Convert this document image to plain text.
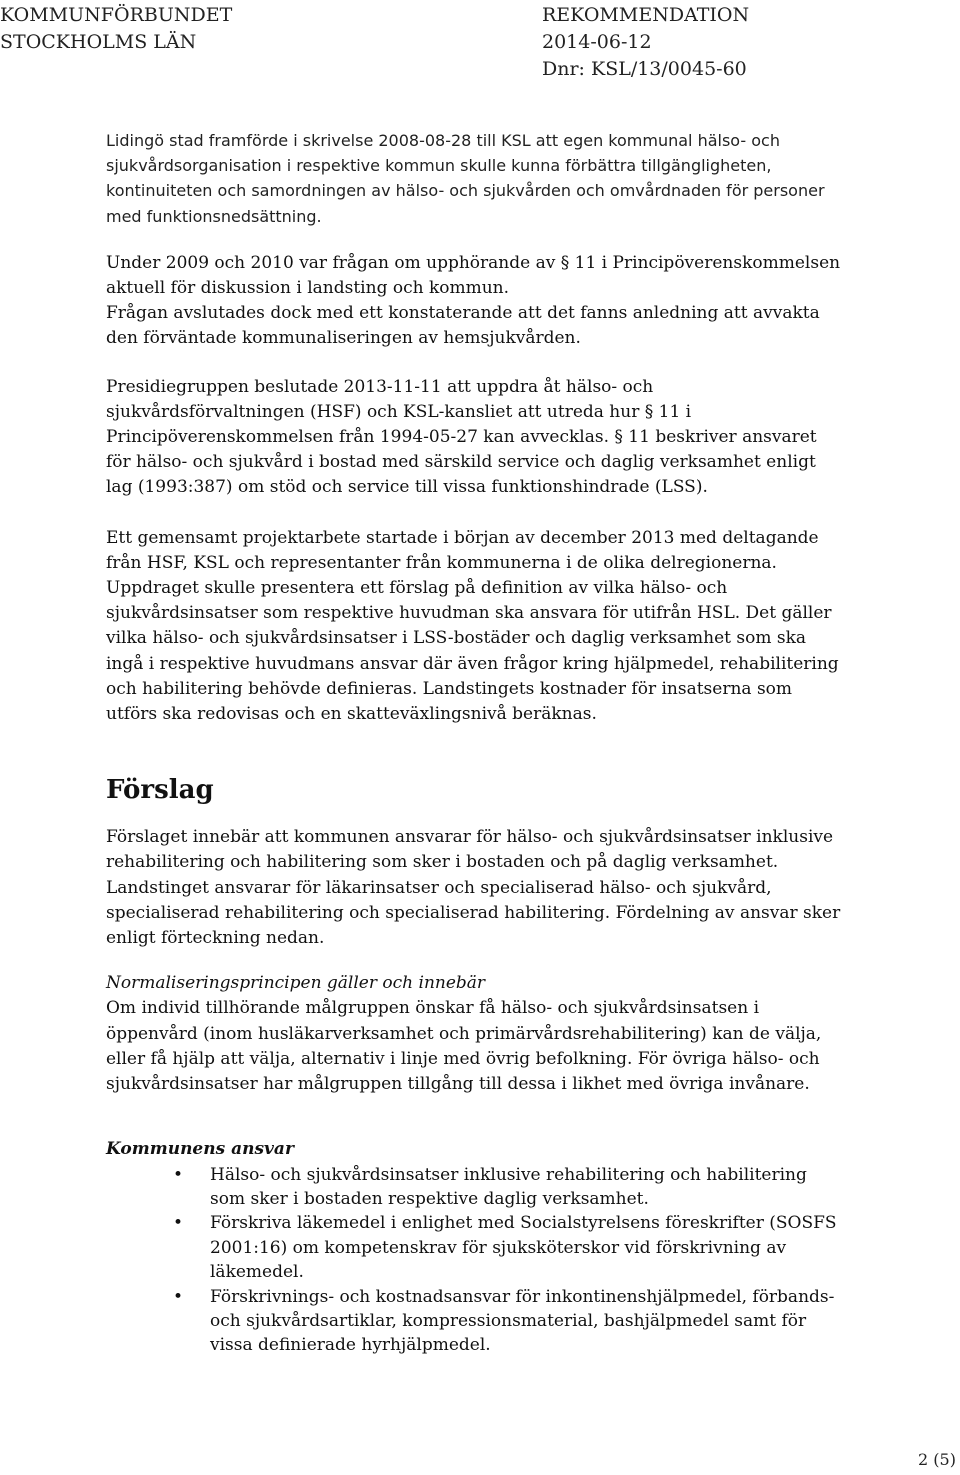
KOMMUNFÖRBUNDET
STOCKHOLMS LÄN
REKOMMENDATION
2014-06-12
Dnr: KSL/13/0045-60

Lidingö stad framförde i skrivelse 2008-08-28 till KSL att egen kommunal hälso- och sjukvårdsorganisation i respektive kommun skulle kunna förbättra tillgängligheten, kontinuiteten och samordningen av hälso- och sjukvården och omvårdnaden för personer med funktionsnedsättning.

Under 2009 och 2010 var frågan om upphörande av § 11 i Principöverenskommelsen aktuell för diskussion i landsting och kommun.

Frågan avslutades dock med ett konstaterande att det fanns anledning att avvakta den förväntade kommunaliseringen av hemsjukvården.

Presidiegruppen beslutade 2013-11-11 att uppdra åt hälso- och sjukvårdsförvaltningen (HSF) och KSL-kansliet att utreda hur § 11 i Principöverenskommelsen från 1994-05-27 kan avvecklas. § 11 beskriver ansvaret för hälso- och sjukvård i bostad med särskild service och daglig verksamhet enligt lag (1993:387) om stöd och service till vissa funktionshindrade (LSS).

Ett gemensamt projektarbete startade i början av december 2013 med deltagande från HSF, KSL och representanter från kommunerna i de olika delregionerna. Uppdraget skulle presentera ett förslag på definition av vilka hälso- och sjukvårdsinsatser som respektive huvudman ska ansvara för utifrån HSL. Det gäller vilka hälso- och sjukvårdsinsatser i LSS-bostäder och daglig verksamhet som ska ingå i respektive huvudmans ansvar där även frågor kring hjälpmedel, rehabilitering och habilitering behövde definieras. Landstingets kostnader för insatserna som utförs ska redovisas och en skatteväxlingsnivå beräknas.

Förslag

Förslaget innebär att kommunen ansvarar för hälso- och sjukvårdsinsatser inklusive rehabilitering och habilitering som sker i bostaden och på daglig verksamhet. Landstinget ansvarar för läkarinsatser och specialiserad hälso- och sjukvård, specialiserad rehabilitering och specialiserad habilitering. Fördelning av ansvar sker enligt förteckning nedan.

Normaliseringsprincipen gäller och innebär

Om individ tillhörande målgruppen önskar få hälso- och sjukvårdsinsatsen i öppenvård (inom husläkarverksamhet och primärvårdsrehabilitering) kan de välja, eller få hjälp att välja, alternativ i linje med övrig befolkning. För övriga hälso- och sjukvårdsinsatser har målgruppen tillgång till dessa i likhet med övriga invånare.

Kommunens ansvar

• Hälso- och sjukvårdsinsatser inklusive rehabilitering och habilitering som sker i bostaden respektive daglig verksamhet.
• Förskriva läkemedel i enlighet med Socialstyrelsens föreskrifter (SOSFS 2001:16) om kompetenskrav för sjuksköterskor vid förskrivning av läkemedel.
• Förskrivnings- och kostnadsansvar för inkontinenshjälpmedel, förbands- och sjukvårdsartiklar, kompressionsmaterial, bashjälpmedel samt för vissa definierade hyrhjälpmedel.
2 (5)
